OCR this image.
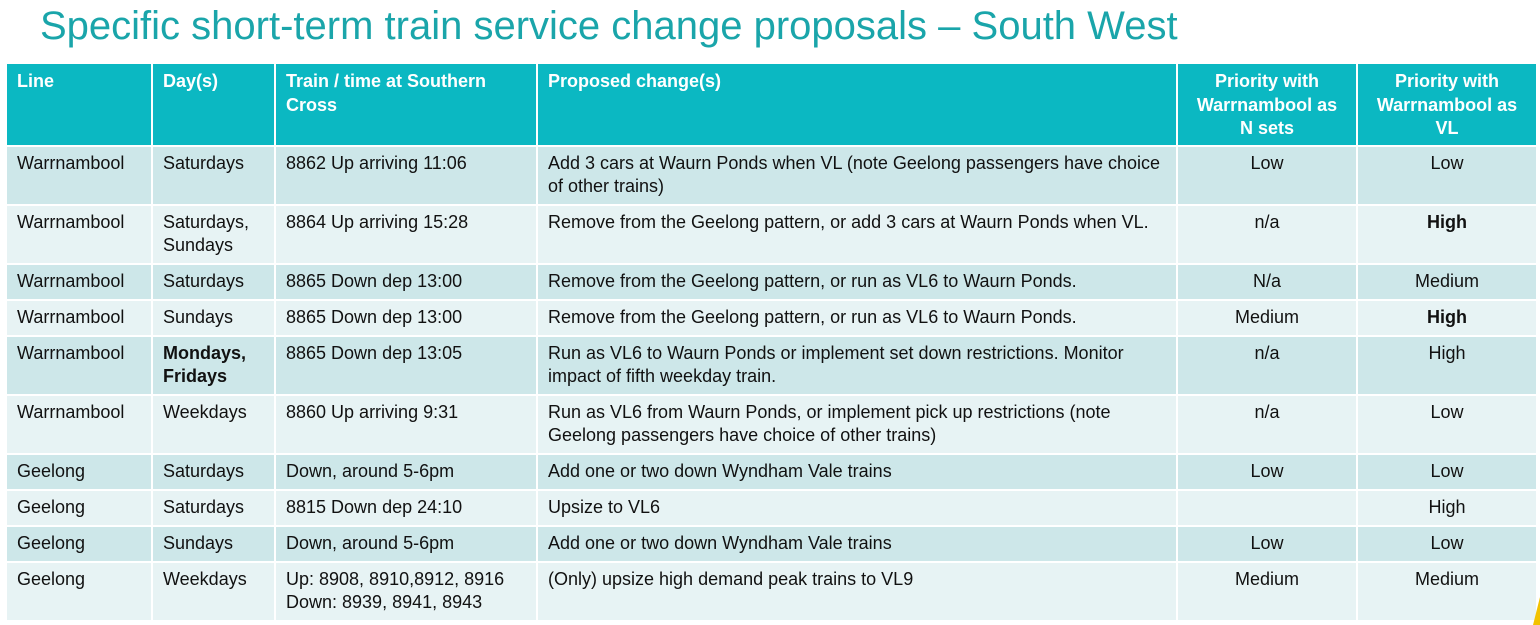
Specific short-term train service change proposals – South West
Line	Day(s)	Train / time at Southern Cross	Proposed change(s)	Priority with Warrnambool as N sets	Priority with Warrnambool as VL
Warrnambool	Saturdays	8862 Up arriving 11:06	Add 3 cars at Waurn Ponds when VL (note Geelong passengers have choice of other trains)	Low	Low
Warrnambool	Saturdays, Sundays	8864 Up arriving 15:28	Remove from the Geelong pattern, or add 3 cars at Waurn Ponds when VL.	n/a	High
Warrnambool	Saturdays	8865 Down dep 13:00	Remove from the Geelong pattern, or run as VL6 to Waurn Ponds.	N/a	Medium
Warrnambool	Sundays	8865 Down dep 13:00	Remove from the Geelong pattern, or run as VL6 to Waurn Ponds.	Medium	High
Warrnambool	Mondays, Fridays	8865 Down dep 13:05	Run as VL6 to Waurn Ponds or implement set down restrictions. Monitor impact of fifth weekday train.	n/a	High
Warrnambool	Weekdays	8860 Up arriving 9:31	Run as VL6 from Waurn Ponds, or implement pick up restrictions (note Geelong passengers have choice of other trains)	n/a	Low
Geelong	Saturdays	Down, around 5-6pm	Add one or two down Wyndham Vale trains	Low	Low
Geelong	Saturdays	8815 Down dep 24:10	Upsize to VL6		High
Geelong	Sundays	Down, around 5-6pm	Add one or two down Wyndham Vale trains	Low	Low
Geelong	Weekdays	Up: 8908, 8910,8912, 8916
Down: 8939, 8941, 8943	(Only) upsize high demand peak trains to VL9	Medium	Medium
